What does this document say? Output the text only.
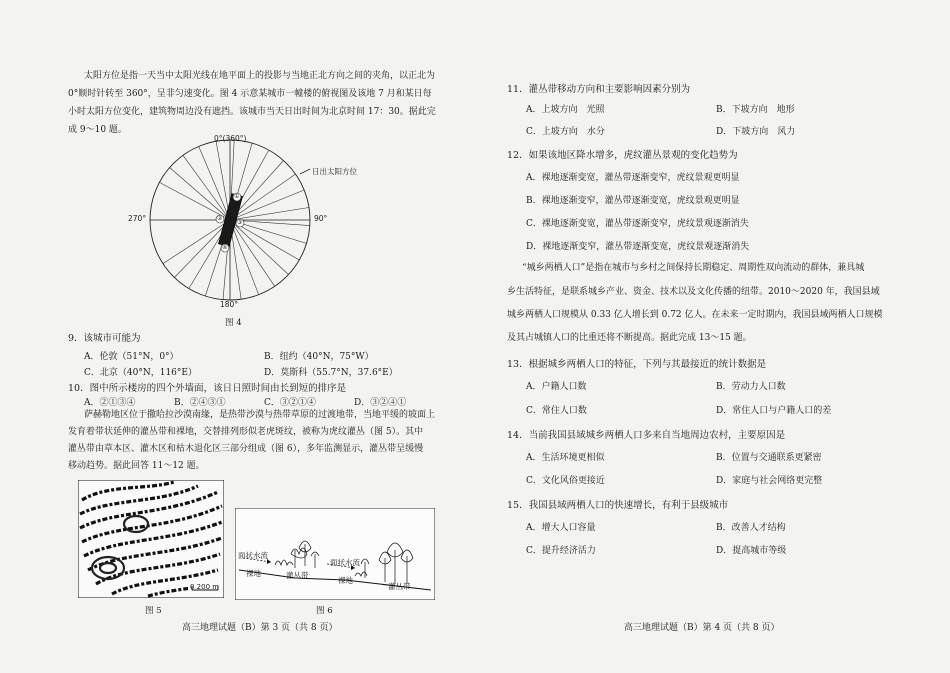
太阳方位是指一天当中太阳光线在地平面上的投影与当地正北方向之间的夹角，以正北为
0°顺时针转至 360°，呈非匀速变化。图 4 示意某城市一幢楼的俯视图及该地 7 月和某日每
小时太阳方位变化，建筑物周边没有遮挡。该城市当天日出时间为北京时间 17：30。据此完
成 9～10 题。
0°(360°)
90°
180°
270°
日出太阳方位
①
②
③
④
图 4
9．该城市可能为
A．伦敦（51°N，0°）	B．纽约（40°N，75°W）
C．北京（40°N，116°E）	D．莫斯科（55.7°N，37.6°E）
10．图中所示楼房的四个外墙面，该日日照时间由长到短的排序是
A．②①③④	B．②④③①	C．③②①④	D．③②④①
萨赫勒地区位于撒哈拉沙漠南缘，是热带沙漠与热带草原的过渡地带，当地平缓的坡面上
发育着带状延伸的灌丛带和裸地，交替排列形似老虎斑纹，被称为虎纹灌丛（图 5）。其中
灌丛带由草本区、灌木区和枯木退化区三部分组成（图 6），多年监测显示，灌丛带呈缓慢
移动趋势。据此回答 11～12 题。
0 200 m
图 5
面状水流
面状水流
裸地	灌丛带
裸地
灌丛带
图 6
高三地理试题（B）第 3 页（共 8 页）
11．灌丛带移动方向和主要影响因素分别为
A．上坡方向　光照	B．下坡方向　地形
C．上坡方向　水分	D．下坡方向　风力
12．如果该地区降水增多，虎纹灌丛景观的变化趋势为
A．裸地逐渐变宽，灌丛带逐渐变窄，虎纹景观更明显
B．裸地逐渐变窄，灌丛带逐渐变宽，虎纹景观更明显
C．裸地逐渐变宽，灌丛带逐渐变窄，虎纹景观逐渐消失
D．裸地逐渐变窄，灌丛带逐渐变宽，虎纹景观逐渐消失
“城乡两栖人口”是指在城市与乡村之间保持长期稳定、周期性双向流动的群体，兼具城
乡生活特征，是联系城乡产业、资金、技术以及文化传播的纽带。2010～2020 年，我国县域
城乡两栖人口规模从 0.33 亿人增长到 0.72 亿人。在未来一定时期内，我国县域两栖人口规模
及其占城镇人口的比重还将不断提高。据此完成 13～15 题。
13．根据城乡两栖人口的特征，下列与其最接近的统计数据是
A．户籍人口数	B．劳动力人口数
C．常住人口数	D．常住人口与户籍人口的差
14．当前我国县域城乡两栖人口多来自当地周边农村，主要原因是
A．生活环境更相似	B．位置与交通联系更紧密
C．文化风俗更接近	D．家庭与社会网络更完整
15．我国县域两栖人口的快速增长，有利于县级城市
A．增大人口容量	B．改善人才结构
C．提升经济活力	D．提高城市等级
高三地理试题（B）第 4 页（共 8 页）
